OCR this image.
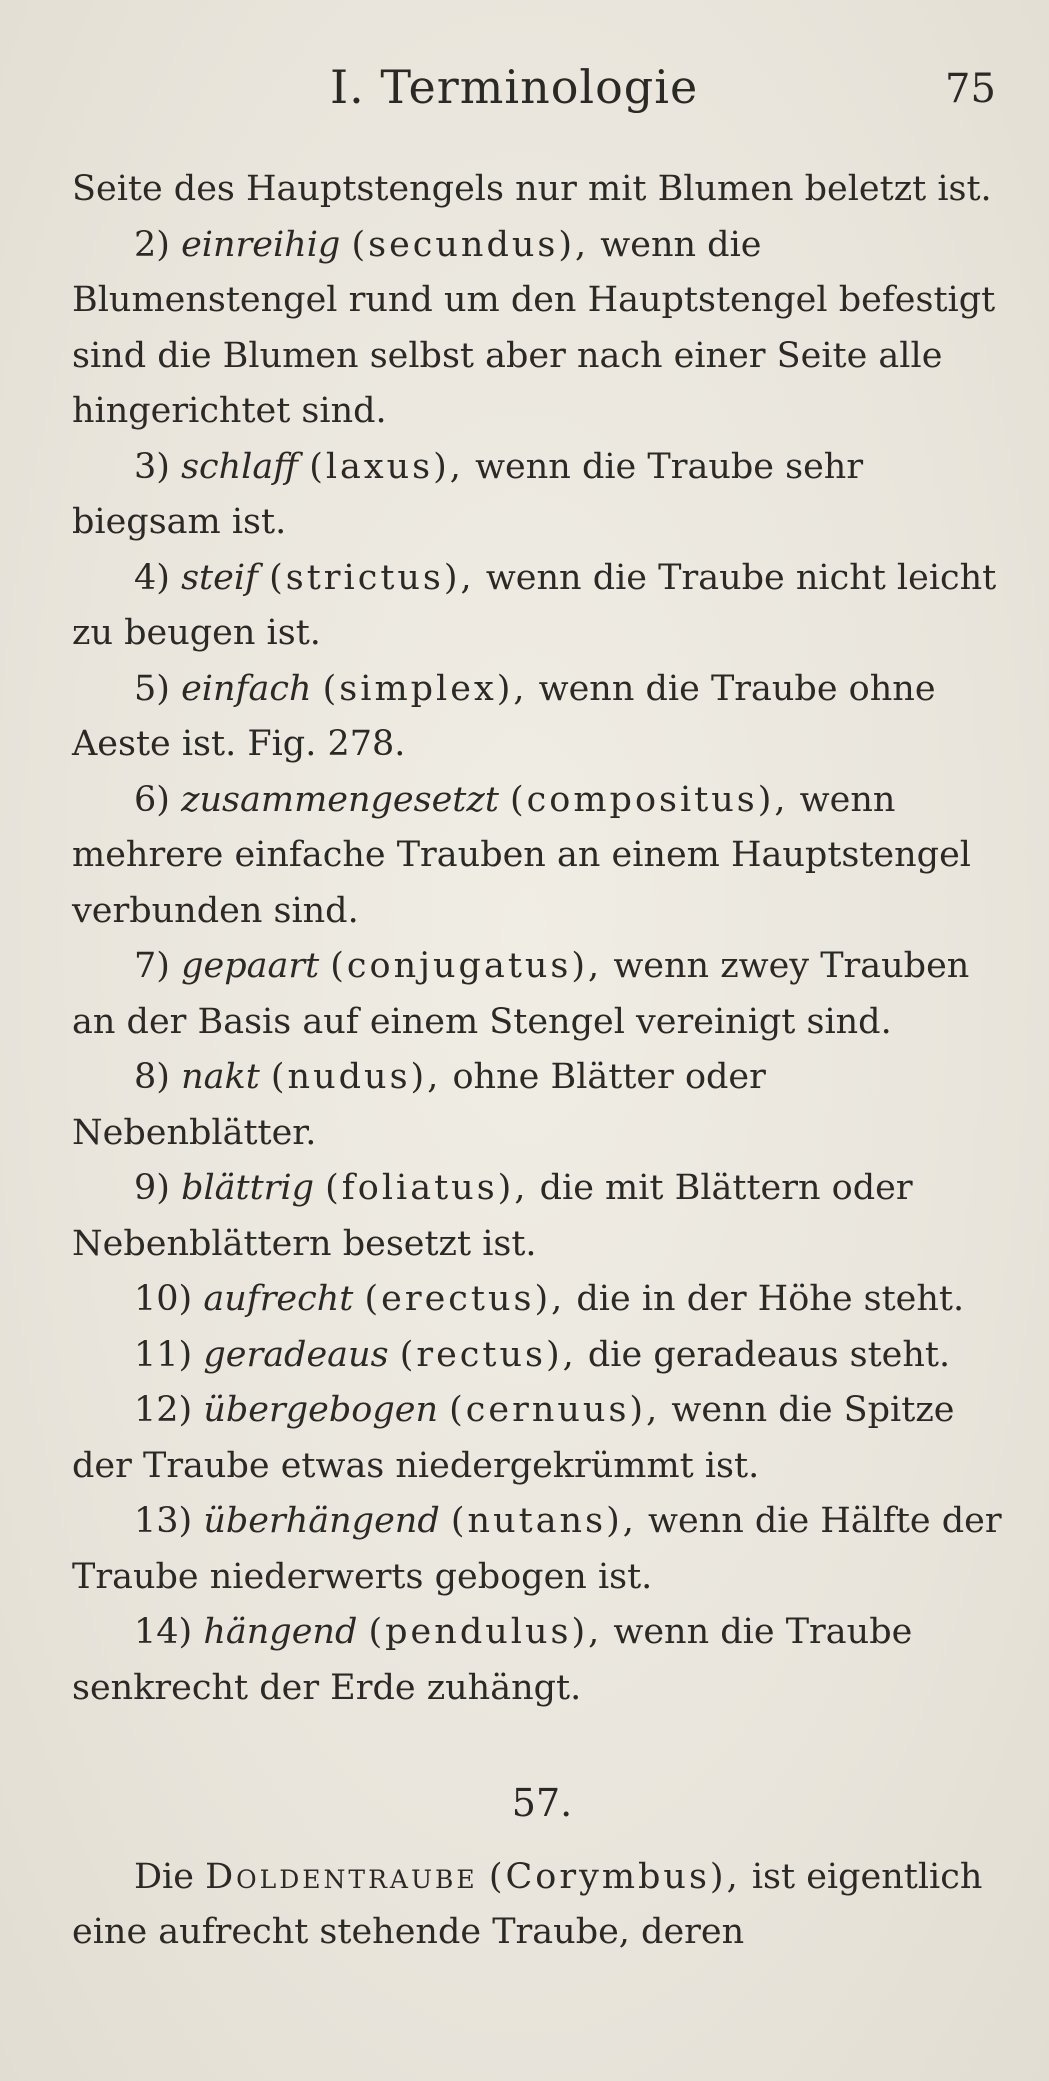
I. Terminologie	75

Seite des Hauptstengels nur mit Blumen beletzt ist.

2) einreihig (secundus), wenn die Blumenstengel rund um den Hauptstengel befestigt sind die Blumen selbst aber nach einer Seite alle hingerichtet sind.

3) schlaff (laxus), wenn die Traube sehr biegsam ist.

4) steif (strictus), wenn die Traube nicht leicht zu beugen ist.

5) einfach (simplex), wenn die Traube ohne Aeste ist. Fig. 278.

6) zusammengesetzt (compositus), wenn mehrere einfache Trauben an einem Hauptstengel verbunden sind.

7) gepaart (conjugatus), wenn zwey Trauben an der Basis auf einem Stengel vereinigt sind.

8) nakt (nudus), ohne Blätter oder Nebenblätter.

9) blättrig (foliatus), die mit Blättern oder Nebenblättern besetzt ist.

10) aufrecht (erectus), die in der Höhe steht.

11) geradeaus (rectus), die geradeaus steht.

12) übergebogen (cernuus), wenn die Spitze der Traube etwas niedergekrümmt ist.

13) überhängend (nutans), wenn die Hälfte der Traube niederwerts gebogen ist.

14) hängend (pendulus), wenn die Traube senkrecht der Erde zuhängt.

57.

Die Doldentraube (Corymbus), ist eigentlich eine aufrecht stehende Traube, deren
